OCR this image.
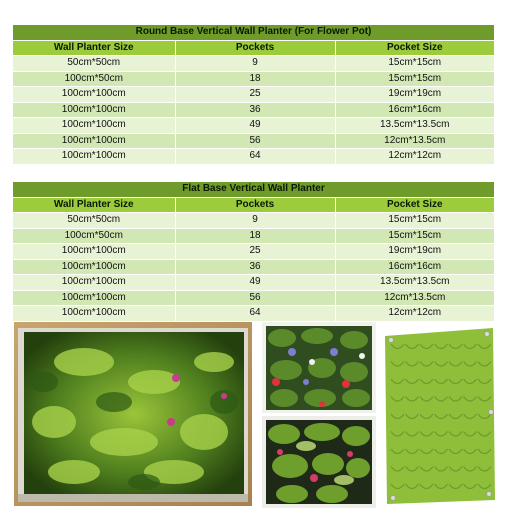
Round Base Vertical Wall Planter (For Flower Pot)		
Wall Planter Size	Pockets	Pocket Size
50cm*50cm	9	15cm*15cm
100cm*50cm	18	15cm*15cm
100cm*100cm	25	19cm*19cm
100cm*100cm	36	16cm*16cm
100cm*100cm	49	13.5cm*13.5cm
100cm*100cm	56	12cm*13.5cm
100cm*100cm	64	12cm*12cm
Flat Base Vertical Wall Planter		
Wall Planter Size	Pockets	Pocket Size
50cm*50cm	9	15cm*15cm
100cm*50cm	18	15cm*15cm
100cm*100cm	25	19cm*19cm
100cm*100cm	36	16cm*16cm
100cm*100cm	49	13.5cm*13.5cm
100cm*100cm	56	12cm*13.5cm
100cm*100cm	64	12cm*12cm
